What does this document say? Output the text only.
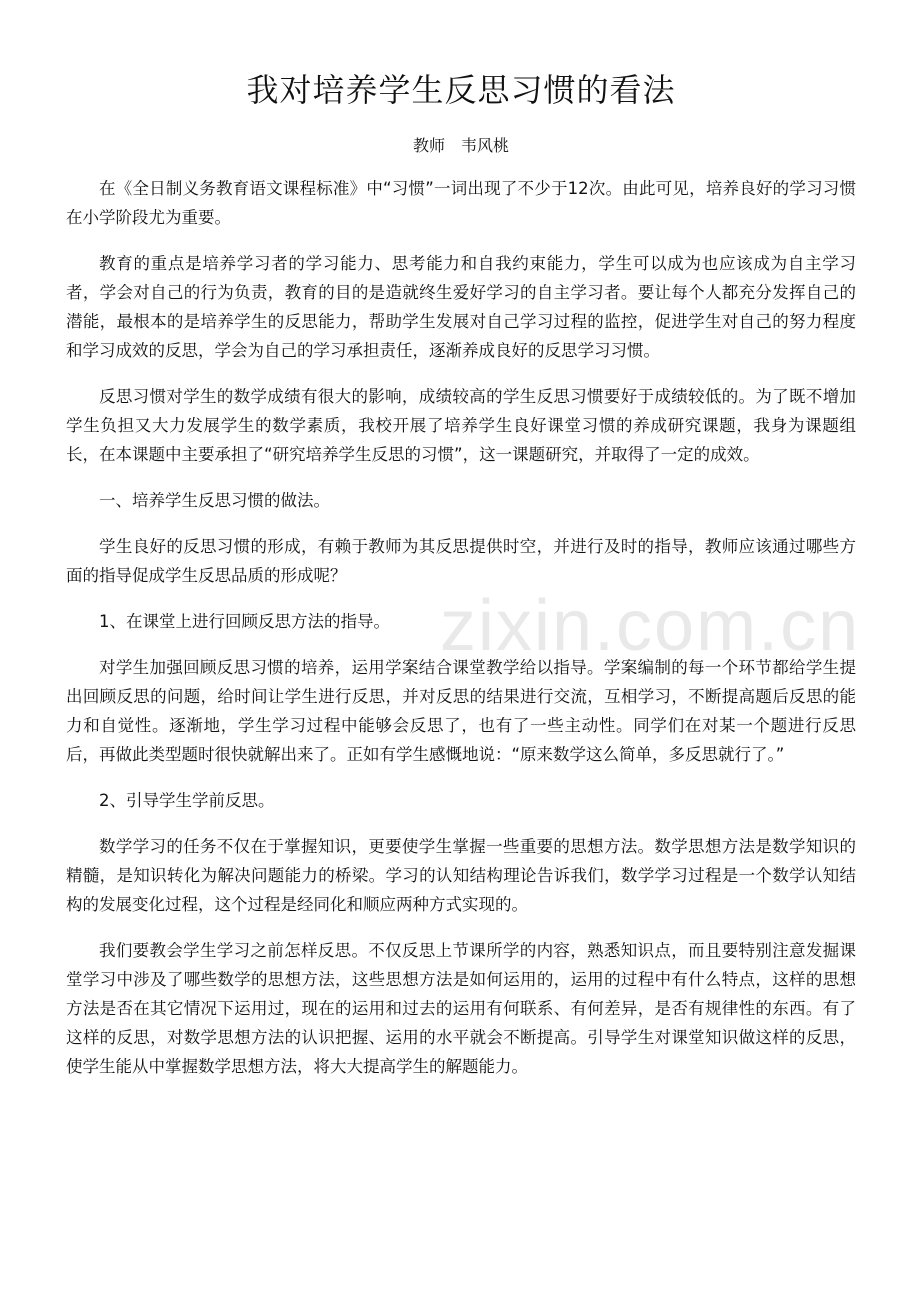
zixin.com.cn
我对培养学生反思习惯的看法
教师　韦风桃

在《全日制义务教育语文课程标准》中“习惯”一词出现了不少于12次。由此可见，培养良好的学习习惯在小学阶段尤为重要。

教育的重点是培养学习者的学习能力、思考能力和自我约束能力，学生可以成为也应该成为自主学习者，学会对自己的行为负责，教育的目的是造就终生爱好学习的自主学习者。要让每个人都充分发挥自己的潜能，最根本的是培养学生的反思能力，帮助学生发展对自己学习过程的监控，促进学生对自己的努力程度和学习成效的反思，学会为自己的学习承担责任，逐渐养成良好的反思学习习惯。

反思习惯对学生的数学成绩有很大的影响，成绩较高的学生反思习惯要好于成绩较低的。为了既不增加学生负担又大力发展学生的数学素质，我校开展了培养学生良好课堂习惯的养成研究课题，我身为课题组长，在本课题中主要承担了“研究培养学生反思的习惯”，这一课题研究，并取得了一定的成效。

一、培养学生反思习惯的做法。

学生良好的反思习惯的形成，有赖于教师为其反思提供时空，并进行及时的指导，教师应该通过哪些方面的指导促成学生反思品质的形成呢？

1、在课堂上进行回顾反思方法的指导。

对学生加强回顾反思习惯的培养，运用学案结合课堂教学给以指导。学案编制的每一个环节都给学生提出回顾反思的问题，给时间让学生进行反思，并对反思的结果进行交流，互相学习，不断提高题后反思的能力和自觉性。逐渐地，学生学习过程中能够会反思了，也有了一些主动性。同学们在对某一个题进行反思后，再做此类型题时很快就解出来了。正如有学生感慨地说：“原来数学这么简单，多反思就行了。”

2、引导学生学前反思。

数学学习的任务不仅在于掌握知识，更要使学生掌握一些重要的思想方法。数学思想方法是数学知识的精髓，是知识转化为解决问题能力的桥梁。学习的认知结构理论告诉我们，数学学习过程是一个数学认知结构的发展变化过程，这个过程是经同化和顺应两种方式实现的。

我们要教会学生学习之前怎样反思。不仅反思上节课所学的内容，熟悉知识点，而且要特别注意发掘课堂学习中涉及了哪些数学的思想方法，这些思想方法是如何运用的，运用的过程中有什么特点，这样的思想方法是否在其它情况下运用过，现在的运用和过去的运用有何联系、有何差异，是否有规律性的东西。有了这样的反思，对数学思想方法的认识把握、运用的水平就会不断提高。引导学生对课堂知识做这样的反思，使学生能从中掌握数学思想方法，将大大提高学生的解题能力。
